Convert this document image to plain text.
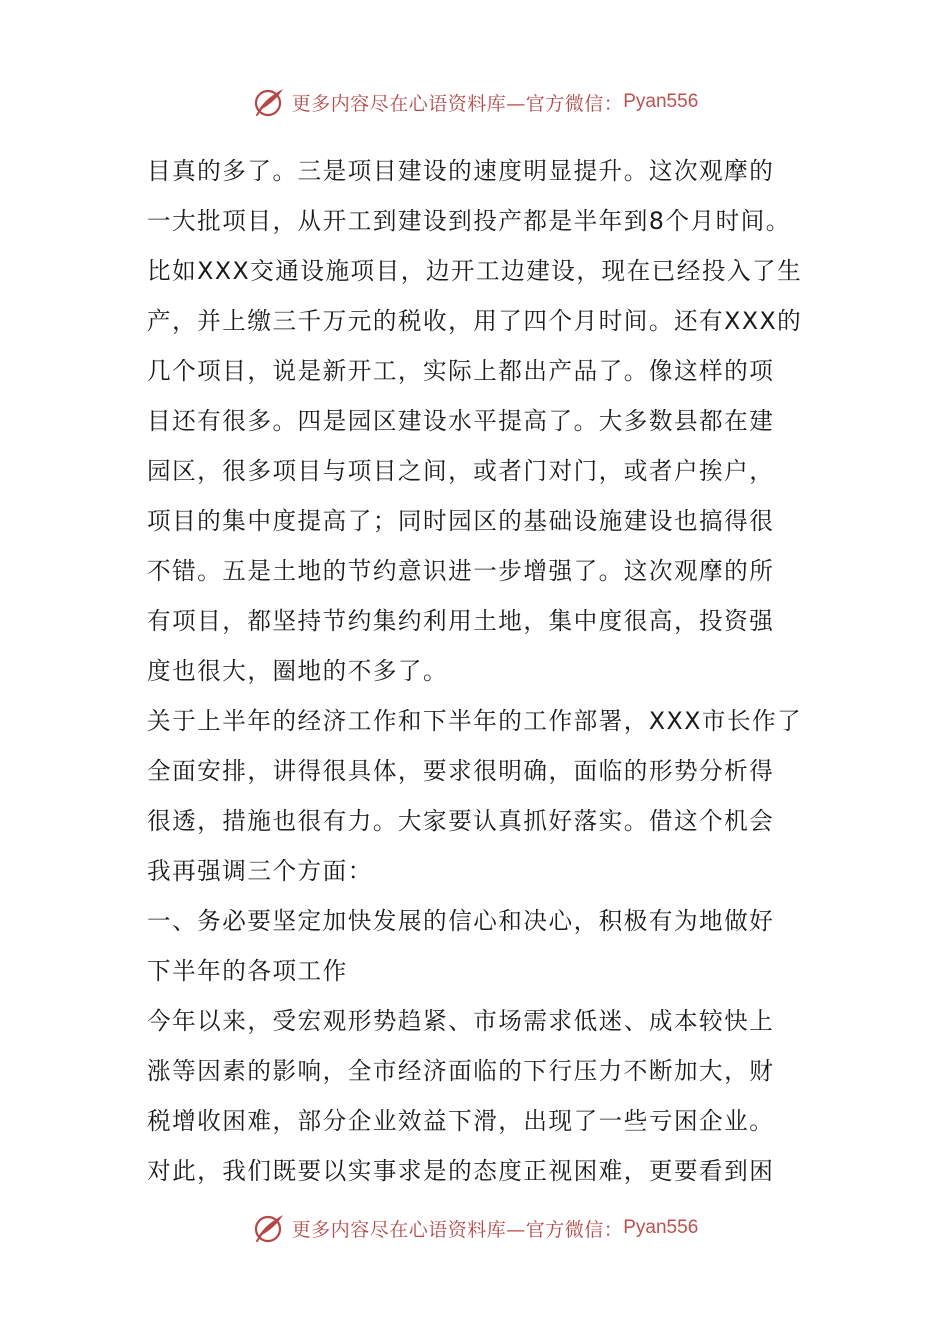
更多内容尽在心语资料库—官方微信： Pyan556
目真的多了。三是项目建设的速度明显提升。这次观摩的
一大批项目，从开工到建设到投产都是半年到8个月时间。
比如XXX交通设施项目，边开工边建设，现在已经投入了生
产，并上缴三千万元的税收，用了四个月时间。还有XXX的
几个项目，说是新开工，实际上都出产品了。像这样的项
目还有很多。四是园区建设水平提高了。大多数县都在建
园区，很多项目与项目之间，或者门对门，或者户挨户，
项目的集中度提高了；同时园区的基础设施建设也搞得很
不错。五是土地的节约意识进一步增强了。这次观摩的所
有项目，都坚持节约集约利用土地，集中度很高，投资强
度也很大，圈地的不多了。
关于上半年的经济工作和下半年的工作部署，XXX市长作了
全面安排，讲得很具体，要求很明确，面临的形势分析得
很透，措施也很有力。大家要认真抓好落实。借这个机会
我再强调三个方面：
一、务必要坚定加快发展的信心和决心，积极有为地做好
下半年的各项工作
今年以来，受宏观形势趋紧、市场需求低迷、成本较快上
涨等因素的影响，全市经济面临的下行压力不断加大，财
税增收困难，部分企业效益下滑，出现了一些亏困企业。
对此，我们既要以实事求是的态度正视困难，更要看到困
更多内容尽在心语资料库—官方微信： Pyan556
